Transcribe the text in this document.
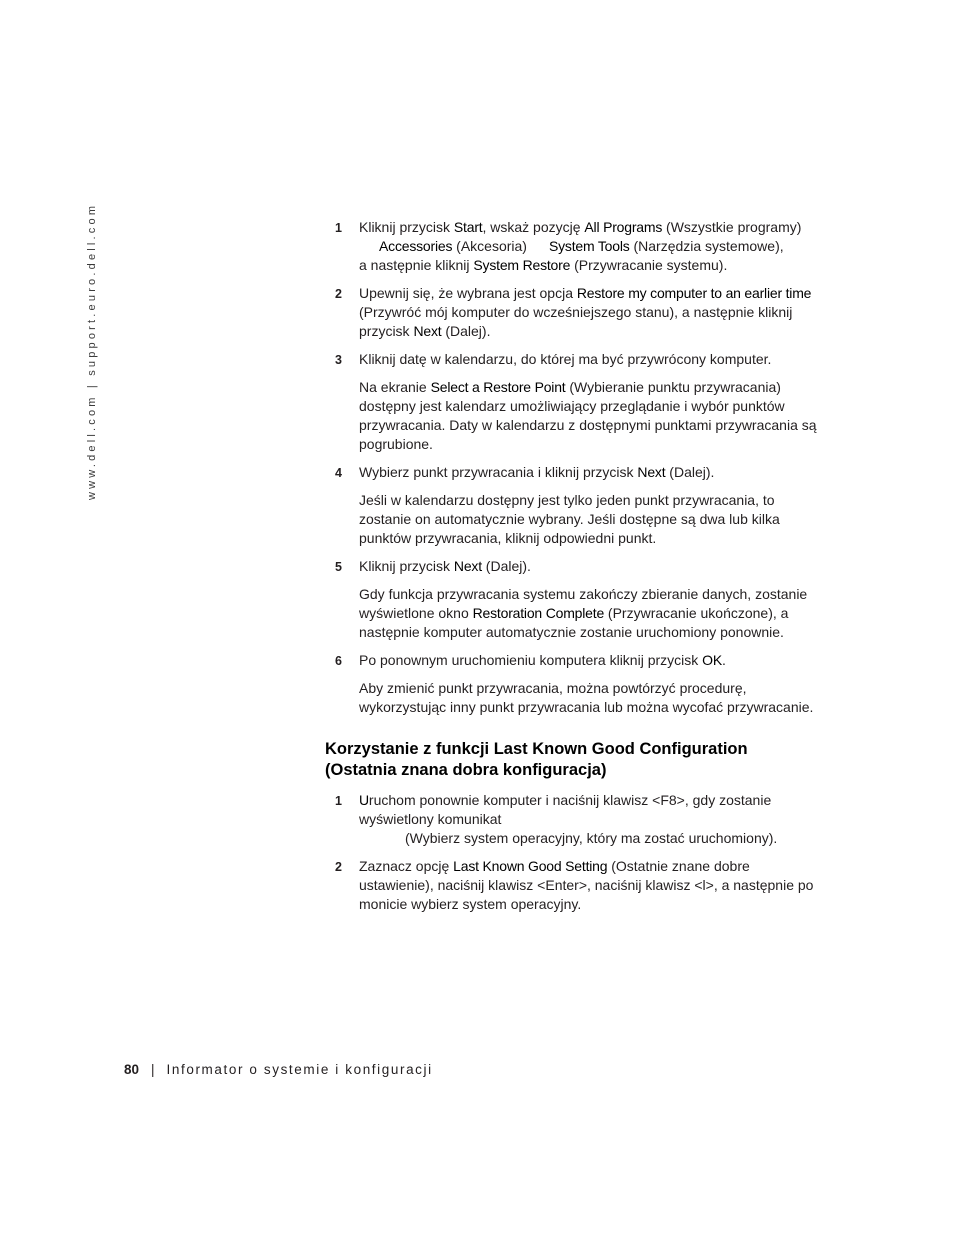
www.dell.com | support.euro.dell.com	1 Kliknij przycisk Start, wskaż pozycję All Programs (Wszystkie programy)
Accessories (Akcesoria) System Tools (Narzędzia systemowe),
a następnie kliknij System Restore (Przywracanie systemu).
2 Upewnij się, że wybrana jest opcja Restore my computer to an earlier time (Przywróć mój komputer do wcześniejszego stanu), a następnie kliknij przycisk Next (Dalej).
3 Kliknij datę w kalendarzu, do której ma być przywrócony komputer.

Na ekranie Select a Restore Point (Wybieranie punktu przywracania) dostępny jest kalendarz umożliwiający przeglądanie i wybór punktów przywracania. Daty w kalendarzu z dostępnymi punktami przywracania są pogrubione.

4 Wybierz punkt przywracania i kliknij przycisk Next (Dalej).

Jeśli w kalendarzu dostępny jest tylko jeden punkt przywracania, to zostanie on automatycznie wybrany. Jeśli dostępne są dwa lub kilka punktów przywracania, kliknij odpowiedni punkt.

5 Kliknij przycisk Next (Dalej).

Gdy funkcja przywracania systemu zakończy zbieranie danych, zostanie wyświetlone okno Restoration Complete (Przywracanie ukończone), a następnie komputer automatycznie zostanie uruchomiony ponownie.

6 Po ponownym uruchomieniu komputera kliknij przycisk OK.

Aby zmienić punkt przywracania, można powtórzyć procedurę, wykorzystując inny punkt przywracania lub można wycofać przywracanie.

Korzystanie z funkcji Last Known Good Configuration
(Ostatnia znana dobra konfiguracja)
1 Uruchom ponownie komputer i naciśnij klawisz <F8>, gdy zostanie wyświetlony komunikat
(Wybierz system operacyjny, który ma zostać uruchomiony).
2 Zaznacz opcję Last Known Good Setting (Ostatnie znane dobre ustawienie), naciśnij klawisz <Enter>, naciśnij klawisz <l>, a następnie po monicie wybierz system operacyjny.
80 | Informator o systemie i konfiguracji
